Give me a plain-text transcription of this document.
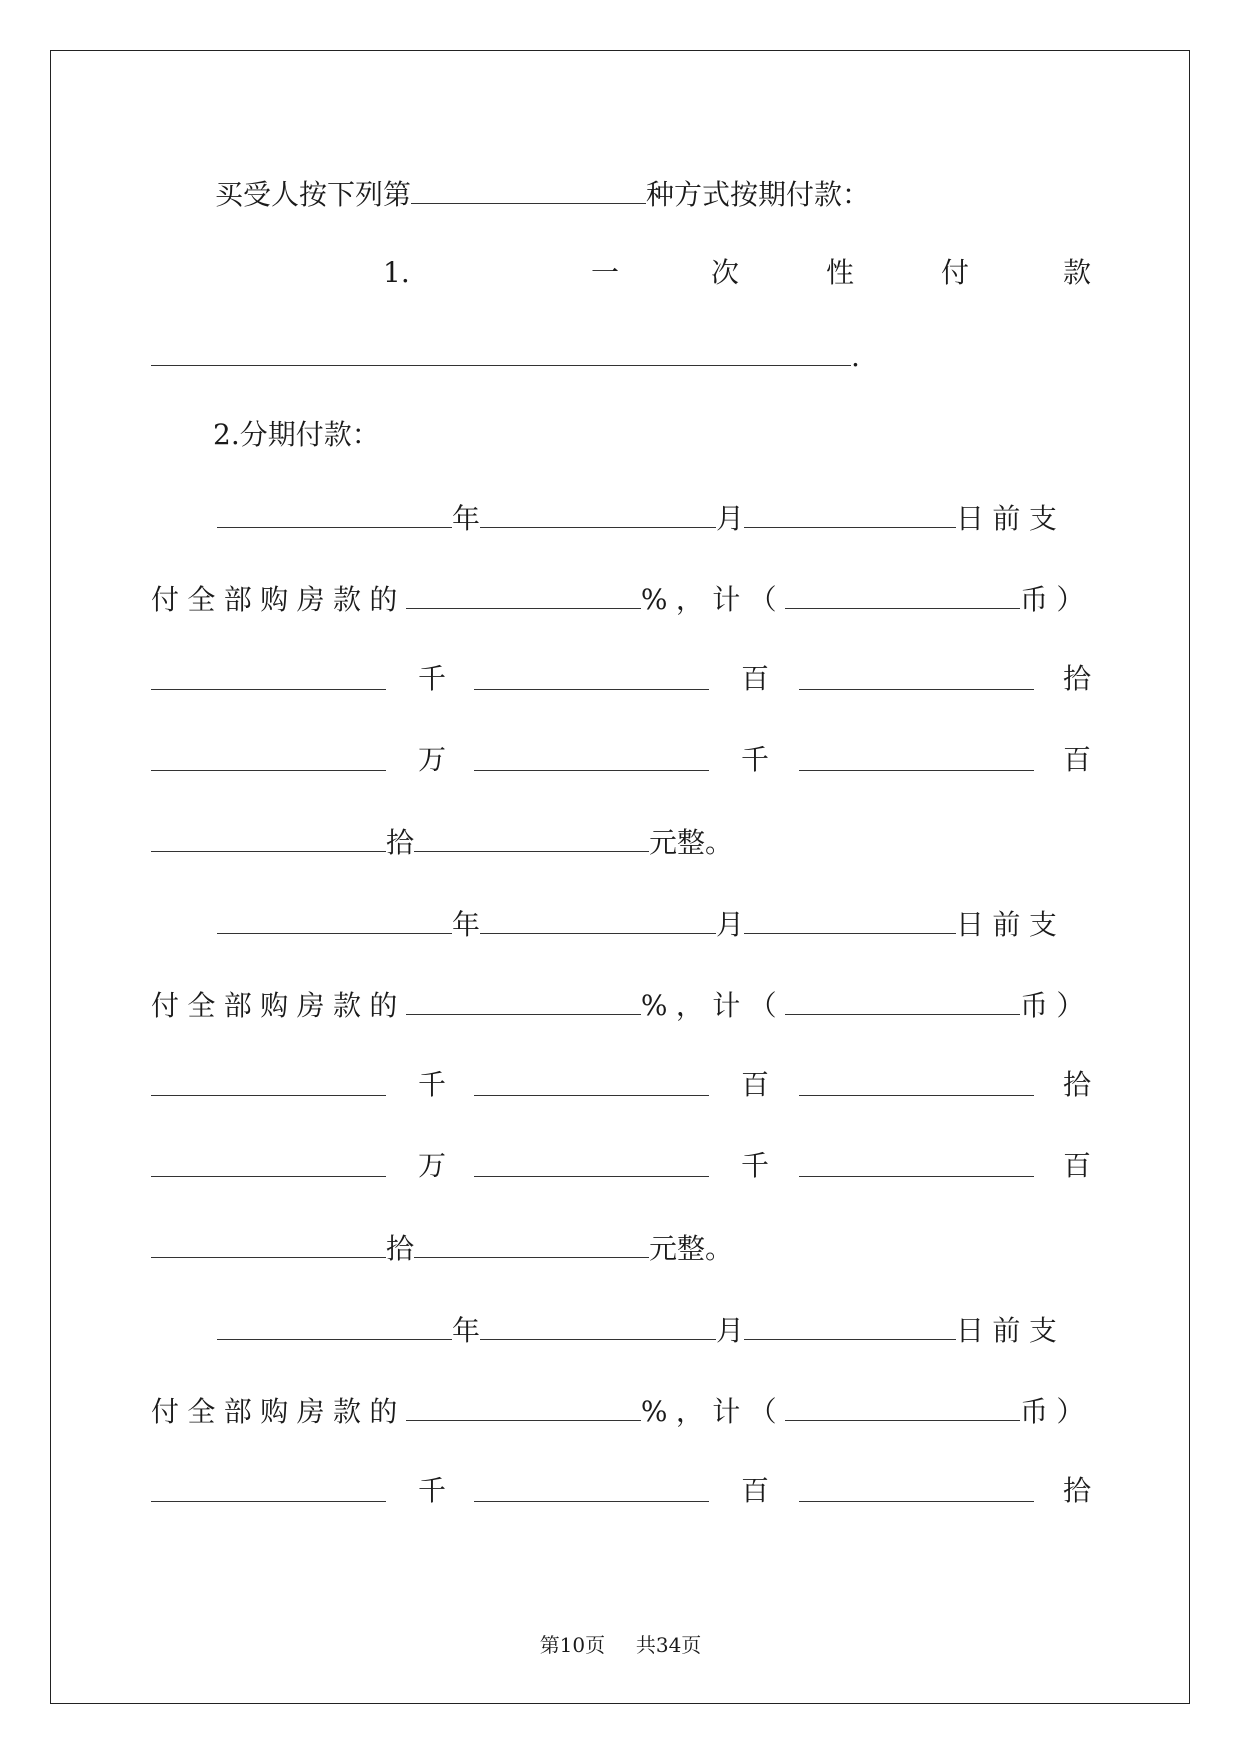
买受人按下列第	种方式按期付款：
1.	一	次	性	付	款
.
2.分期付款：
年	月	日前支
付全部购房款的	%，计（	币）
千	百	拾
万	千	百
拾	元整。
年	月	日前支
付全部购房款的	%，计（	币）
千	百	拾
万	千	百
拾	元整。
年	月	日前支
付全部购房款的	%，计（	币）
千	百	拾
第10页 共34页
